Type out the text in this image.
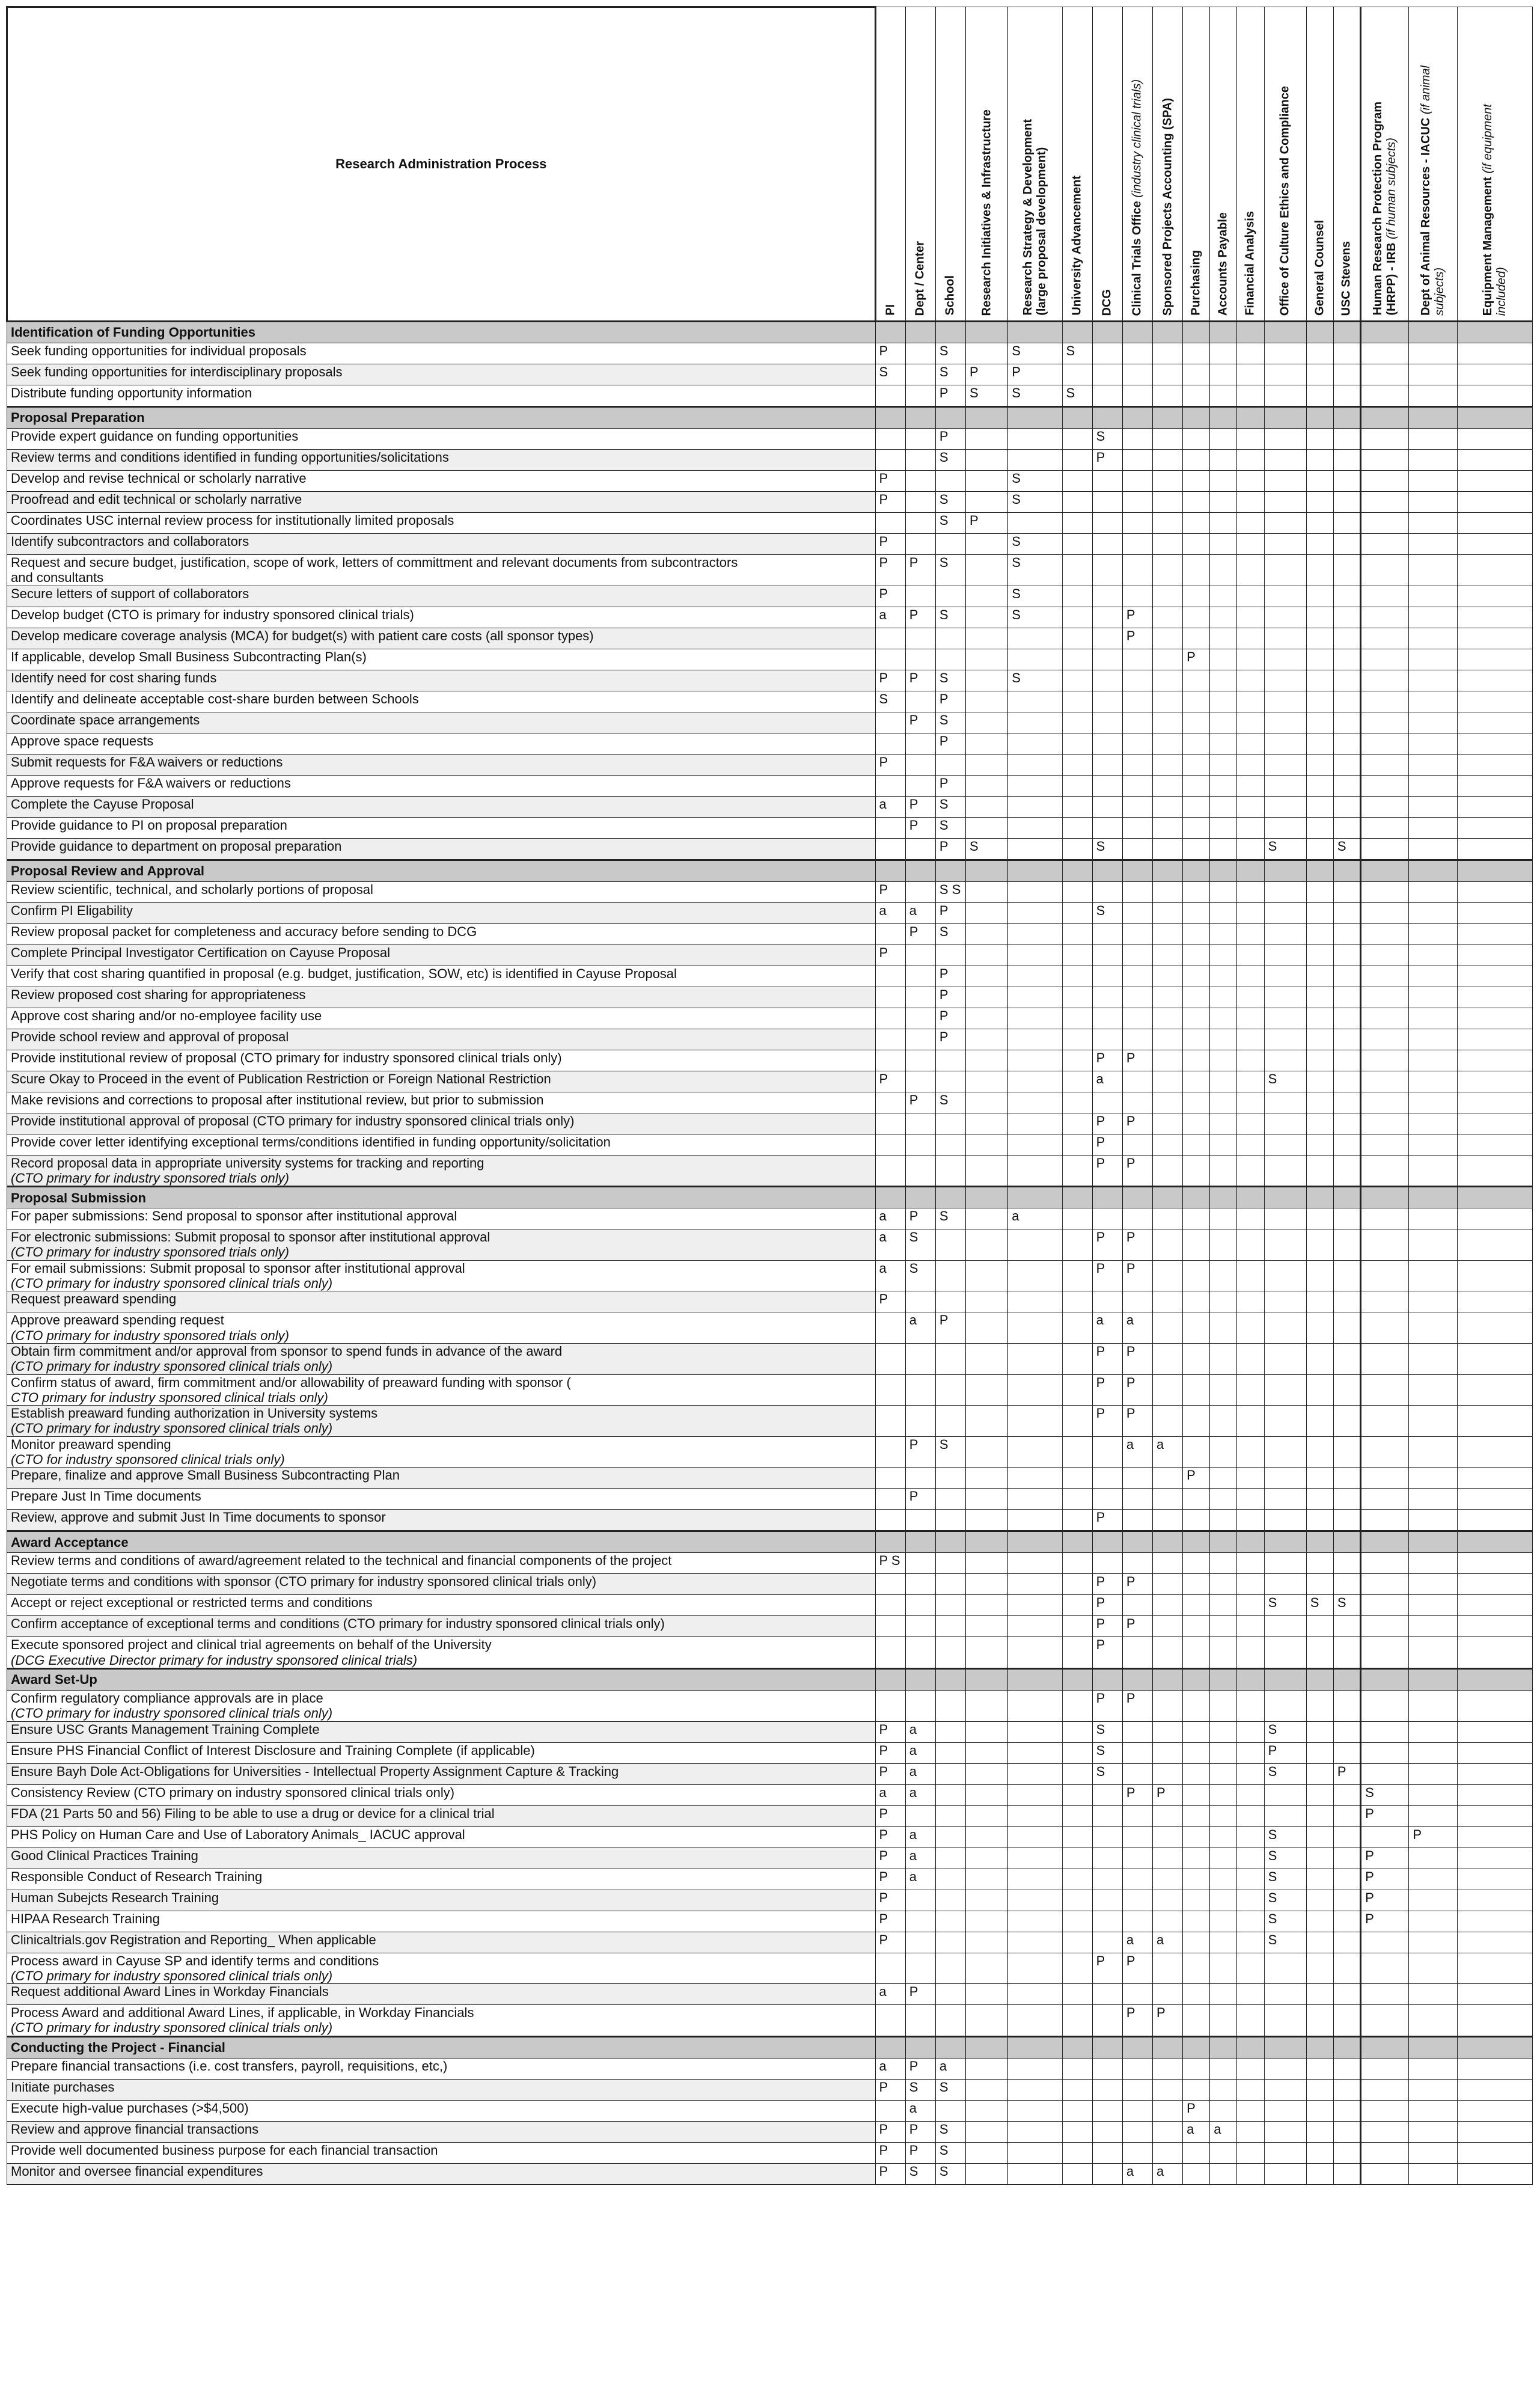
Research Administration Process	PI	Dept / Center	School	Research Initiatives & Infrastructure	Research Strategy & Development
(large proposal development)	University Advancement	DCG	Clinical Trials Office (industry clinical trials)	Sponsored Projects Accounting (SPA)	Purchasing	Accounts Payable	Financial Analysis	Office of Culture Ethics and Compliance	General Counsel	USC Stevens	Human Research Protection Program
(HRPP) - IRB (if human subjects)	Dept of Animal Resources - IACUC (if animal
subjects)	Equipment Management (if equipment
included)

Identification of Funding Opportunities																		
Seek funding opportunities for individual proposals	P		S		S	S												
Seek funding opportunities for interdisciplinary proposals	S		S	P	P													
Distribute funding opportunity information			P	S	S	S												
Proposal Preparation																		
Provide expert guidance on funding opportunities			P				S											
Review terms and conditions identified in funding opportunities/solicitations			S				P											
Develop and revise technical or scholarly narrative	P				S													
Proofread and edit technical or scholarly narrative	P		S		S													
Coordinates USC internal review process for institutionally limited proposals			S	P														
Identify subcontractors and collaborators	P				S													
Request and secure budget, justification, scope of work, letters of committment and relevant documents from subcontractors
and consultants	P	P	S		S													
Secure letters of support of collaborators	P				S													
Develop budget (CTO is primary for industry sponsored clinical trials)	a	P	S		S			P										
Develop medicare coverage analysis (MCA) for budget(s) with patient care costs (all sponsor types)								P										
If applicable, develop Small Business Subcontracting Plan(s)										P								
Identify need for cost sharing funds	P	P	S		S													
Identify and delineate acceptable cost-share burden between Schools	S		P															
Coordinate space arrangements		P	S															
Approve space requests			P															
Submit requests for F&A waivers or reductions	P																	
Approve requests for F&A waivers or reductions			P															
Complete the Cayuse Proposal	a	P	S															
Provide guidance to PI on proposal preparation		P	S															
Provide guidance to department on proposal preparation			P	S			S						S		S			
Proposal Review and Approval																		
Review scientific, technical, and scholarly portions of proposal	P		S S															
Confirm PI Eligability	a	a	P				S											
Review proposal packet for completeness and accuracy before sending to DCG		P	S															
Complete Principal Investigator Certification on Cayuse Proposal	P																	
Verify that cost sharing quantified in proposal (e.g. budget, justification, SOW, etc) is identified in Cayuse Proposal			P															
Review proposed cost sharing for appropriateness			P															
Approve cost sharing and/or no-employee facility use			P															
Provide school review and approval of proposal			P															
Provide institutional review of proposal (CTO primary for industry sponsored clinical trials only)							P	P										
Scure Okay to Proceed in the event of Publication Restriction or Foreign National Restriction	P						a						S					
Make revisions and corrections to proposal after institutional review, but prior to submission		P	S															
Provide institutional approval of proposal (CTO primary for industry sponsored clinical trials only)							P	P										
Provide cover letter identifying exceptional terms/conditions identified in funding opportunity/solicitation							P											
Record proposal data in appropriate university systems for tracking and reporting
(CTO primary for industry sponsored trials only)							P	P										
Proposal Submission																		
For paper submissions: Send proposal to sponsor after institutional approval	a	P	S		a													
For electronic submissions: Submit proposal to sponsor after institutional approval
(CTO primary for industry sponsored trials only)	a	S					P	P										
For email submissions: Submit proposal to sponsor after institutional approval
(CTO primary for industry sponsored clinical trials only)	a	S					P	P										
Request preaward spending	P																	
Approve preaward spending request
(CTO primary for industry sponsored trials only)		a	P				a	a										
Obtain firm commitment and/or approval from sponsor to spend funds in advance of the award
(CTO primary for industry sponsored clinical trials only)							P	P										
Confirm status of award, firm commitment and/or allowability of preaward funding with sponsor (
CTO primary for industry sponsored clinical trials only)							P	P										
Establish preaward funding authorization in University systems
(CTO primary for industry sponsored clinical trials only)							P	P										
Monitor preaward spending
(CTO for industry sponsored clinical trials only)		P	S					a	a									
Prepare, finalize and approve Small Business Subcontracting Plan										P								
Prepare Just In Time documents		P																
Review, approve and submit Just In Time documents to sponsor							P											
Award Acceptance																		
Review terms and conditions of award/agreement related to the technical and financial components of the project	P S																	
Negotiate terms and conditions with sponsor (CTO primary for industry sponsored clinical trials only)							P	P										
Accept or reject exceptional or restricted terms and conditions							P						S	S	S			
Confirm acceptance of exceptional terms and conditions (CTO primary for industry sponsored clinical trials only)							P	P										
Execute sponsored project and clinical trial agreements on behalf of the University
(DCG Executive Director primary for industry sponsored clinical trials)							P											
Award Set-Up																		
Confirm regulatory compliance approvals are in place
(CTO primary for industry sponsored clinical trials only)							P	P										
Ensure USC Grants Management Training Complete	P	a					S						S					
Ensure PHS Financial Conflict of Interest Disclosure and Training Complete (if applicable)	P	a					S						P					
Ensure Bayh Dole Act-Obligations for Universities - Intellectual Property Assignment Capture & Tracking	P	a					S						S		P			
Consistency Review (CTO primary on industry sponsored clinical trials only)	a	a						P	P							S		
FDA (21 Parts 50 and 56) Filing to be able to use a drug or device for a clinical trial	P															P		
PHS Policy on Human Care and Use of Laboratory Animals_ IACUC approval	P	a											S				P	
Good Clinical Practices Training	P	a											S			P		
Responsible Conduct of Research Training	P	a											S			P		
Human Subejcts Research Training	P												S			P		
HIPAA Research Training	P												S			P		
Clinicaltrials.gov Registration and Reporting_ When applicable	P							a	a				S					
Process award in Cayuse SP and identify terms and conditions
(CTO primary for industry sponsored clinical trials only)							P	P										
Request additional Award Lines in Workday Financials	a	P																
Process Award and additional Award Lines, if applicable, in Workday Financials
(CTO primary for industry sponsored clinical trials only)								P	P									
Conducting the Project - Financial																		
Prepare financial transactions (i.e. cost transfers, payroll, requisitions, etc,)	a	P	a															
Initiate purchases	P	S	S															
Execute high-value purchases (>$4,500)		a								P								
Review and approve financial transactions	P	P	S							a	a							
Provide well documented business purpose for each financial transaction	P	P	S															
Monitor and oversee financial expenditures	P	S	S					a	a									
